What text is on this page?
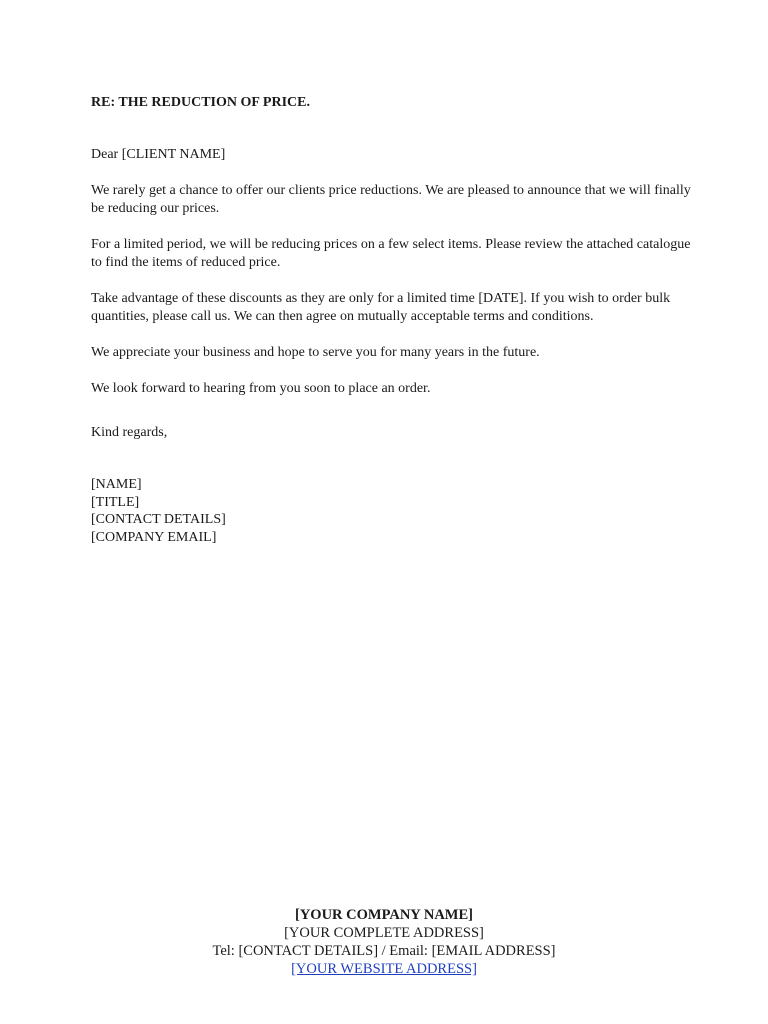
RE: THE REDUCTION OF PRICE.
Dear [CLIENT NAME]
We rarely get a chance to offer our clients price reductions. We are pleased to announce that we will finally be reducing our prices.
For a limited period, we will be reducing prices on a few select items. Please review the attached catalogue to find the items of reduced price.
Take advantage of these discounts as they are only for a limited time [DATE]. If you wish to order bulk quantities, please call us. We can then agree on mutually acceptable terms and conditions.
We appreciate your business and hope to serve you for many years in the future.
We look forward to hearing from you soon to place an order.
Kind regards,
[NAME]
[TITLE]
[CONTACT DETAILS]
[COMPANY EMAIL]
[YOUR COMPANY NAME]
[YOUR COMPLETE ADDRESS]
Tel: [CONTACT DETAILS] / Email: [EMAIL ADDRESS]
[YOUR WEBSITE ADDRESS]
